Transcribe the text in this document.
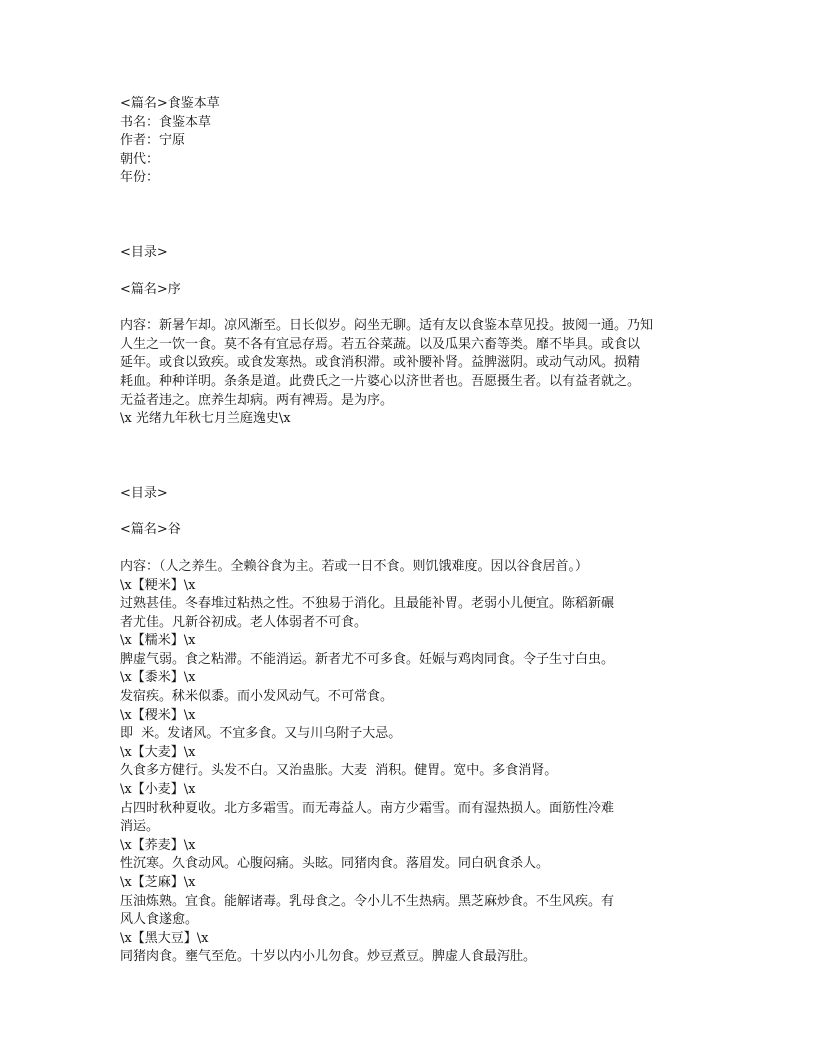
<篇名>食鉴本草
书名：食鉴本草
作者：宁原
朝代：
年份：
<目录>
<篇名>序
内容：新暑乍却。凉风渐至。日长似岁。闷坐无聊。适有友以食鉴本草见投。披阅一通。乃知
人生之一饮一食。莫不各有宜忌存焉。若五谷菜蔬。以及瓜果六畜等类。靡不毕具。或食以
延年。或食以致疾。或食发寒热。或食消积滞。或补腰补肾。益脾滋阴。或动气动风。损精
耗血。种种详明。条条是道。此费氏之一片婆心以济世者也。吾愿摄生者。以有益者就之。
无益者违之。庶养生却病。两有裨焉。是为序。
\x 光绪九年秋七月兰庭逸史\x
<目录>
<篇名>谷
内容：（人之养生。全赖谷食为主。若或一日不食。则饥饿难度。因以谷食居首。）
\x【粳米】\x
过熟甚佳。冬春堆过粘热之性。不独易于消化。且最能补胃。老弱小儿便宜。陈稻新碾
者尤佳。凡新谷初成。老人体弱者不可食。
\x【糯米】\x
脾虚气弱。食之粘滞。不能消运。新者尤不可多食。妊娠与鸡肉同食。令子生寸白虫。
\x【黍米】\x
发宿疾。秫米似黍。而小发风动气。不可常食。
\x【稷米】\x
即  米。发诸风。不宜多食。又与川乌附子大忌。
\x【大麦】\x
久食多方健行。头发不白。又治蛊胀。大麦  消积。健胃。宽中。多食消肾。
\x【小麦】\x
占四时秋种夏收。北方多霜雪。而无毒益人。南方少霜雪。而有湿热损人。面筋性冷难
消运。
\x【荞麦】\x
性沉寒。久食动风。心腹闷痛。头眩。同猪肉食。落眉发。同白矾食杀人。
\x【芝麻】\x
压油炼熟。宜食。能解诸毒。乳母食之。令小儿不生热病。黑芝麻炒食。不生风疾。有
风人食遂愈。
\x【黑大豆】\x
同猪肉食。壅气至危。十岁以内小儿勿食。炒豆煮豆。脾虚人食最泻肚。
